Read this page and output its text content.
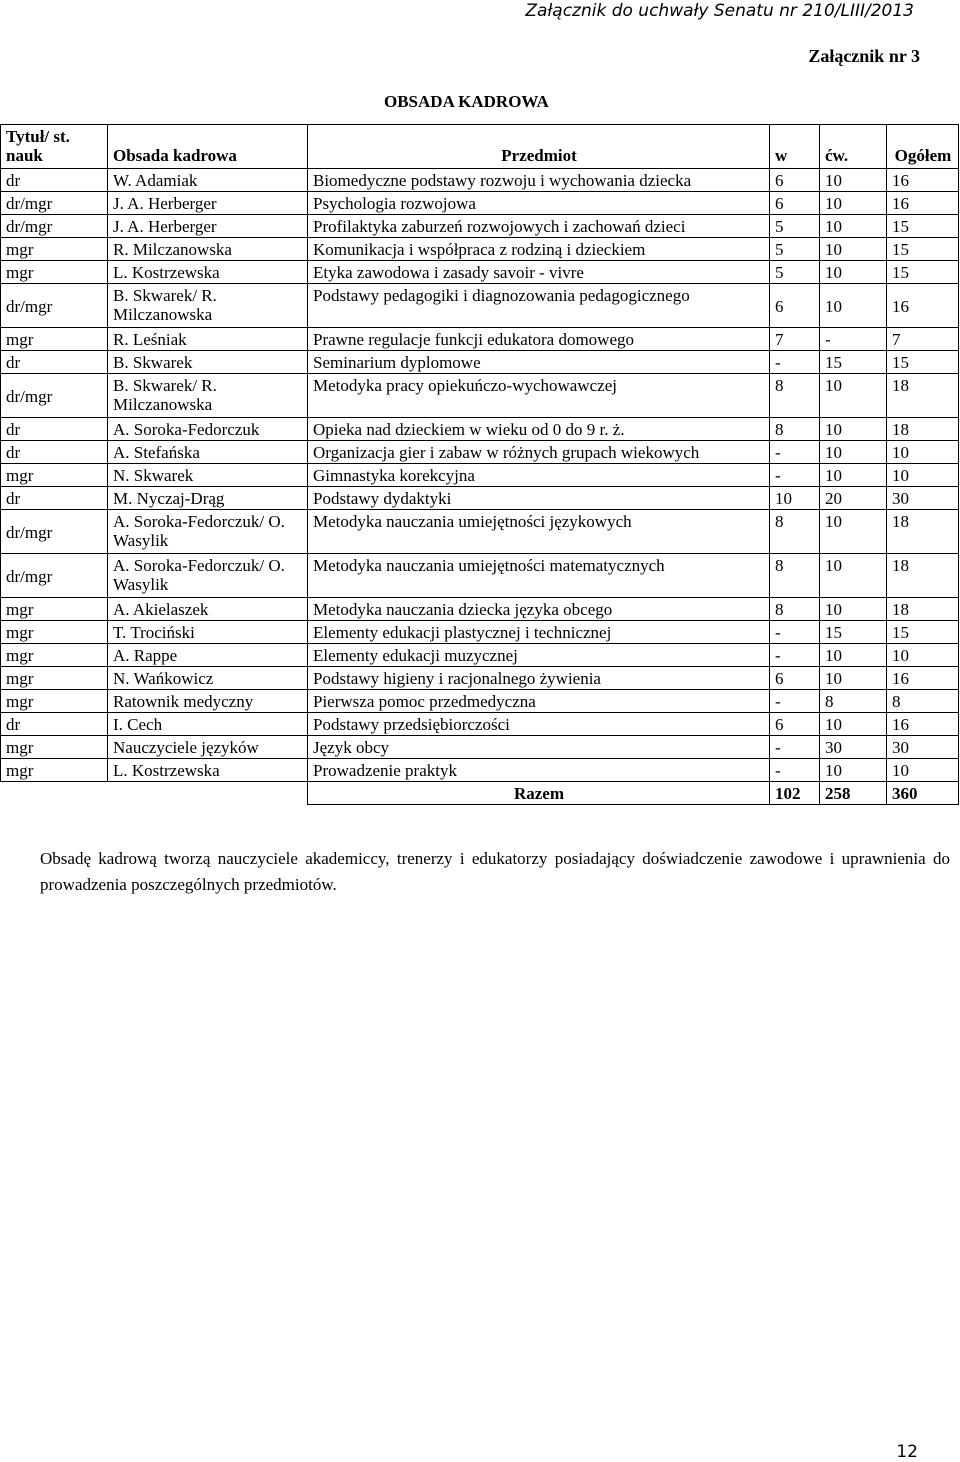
Załącznik do uchwały Senatu nr 210/LIII/2013
Załącznik nr 3
OBSADA KADROWA
Tytuł/ st. nauk	Obsada kadrowa	Przedmiot	w	ćw.	Ogółem
dr	W. Adamiak	Biomedyczne podstawy rozwoju i wychowania dziecka	6	10	16
dr/mgr	J. A. Herberger	Psychologia rozwojowa	6	10	16
dr/mgr	J. A. Herberger	Profilaktyka zaburzeń rozwojowych i zachowań dzieci	5	10	15
mgr	R. Milczanowska	Komunikacja i współpraca z rodziną i dzieckiem	5	10	15
mgr	L. Kostrzewska	Etyka zawodowa i zasady savoir - vivre	5	10	15
dr/mgr	B. Skwarek/ R. Milczanowska	Podstawy pedagogiki i diagnozowania pedagogicznego	6	10	16
mgr	R. Leśniak	Prawne regulacje funkcji edukatora domowego	7	-	7
dr	B. Skwarek	Seminarium dyplomowe	-	15	15
dr/mgr	B. Skwarek/ R. Milczanowska	Metodyka pracy opiekuńczo-wychowawczej	8	10	18
dr	A. Soroka-Fedorczuk	Opieka nad dzieckiem w wieku od 0 do 9 r. ż.	8	10	18
dr	A. Stefańska	Organizacja gier i zabaw w różnych grupach wiekowych	-	10	10
mgr	N. Skwarek	Gimnastyka korekcyjna	-	10	10
dr	M. Nyczaj-Drąg	Podstawy dydaktyki	10	20	30
dr/mgr	A. Soroka-Fedorczuk/ O. Wasylik	Metodyka nauczania umiejętności językowych	8	10	18
dr/mgr	A. Soroka-Fedorczuk/ O. Wasylik	Metodyka nauczania umiejętności matematycznych	8	10	18
mgr	A. Akielaszek	Metodyka nauczania dziecka języka obcego	8	10	18
mgr	T. Trociński	Elementy edukacji plastycznej i technicznej	-	15	15
mgr	A. Rappe	Elementy edukacji muzycznej	-	10	10
mgr	N. Wańkowicz	Podstawy higieny i racjonalnego żywienia	6	10	16
mgr	Ratownik medyczny	Pierwsza pomoc przedmedyczna	-	8	8
dr	I. Cech	Podstawy przedsiębiorczości	6	10	16
mgr	Nauczyciele języków	Język obcy	-	30	30
mgr	L. Kostrzewska	Prowadzenie praktyk	-	10	10
		Razem	102	258	360
Obsadę kadrową tworzą nauczyciele akademiccy, trenerzy i edukatorzy posiadający doświadczenie zawodowe i uprawnienia do prowadzenia poszczególnych przedmiotów.
12
